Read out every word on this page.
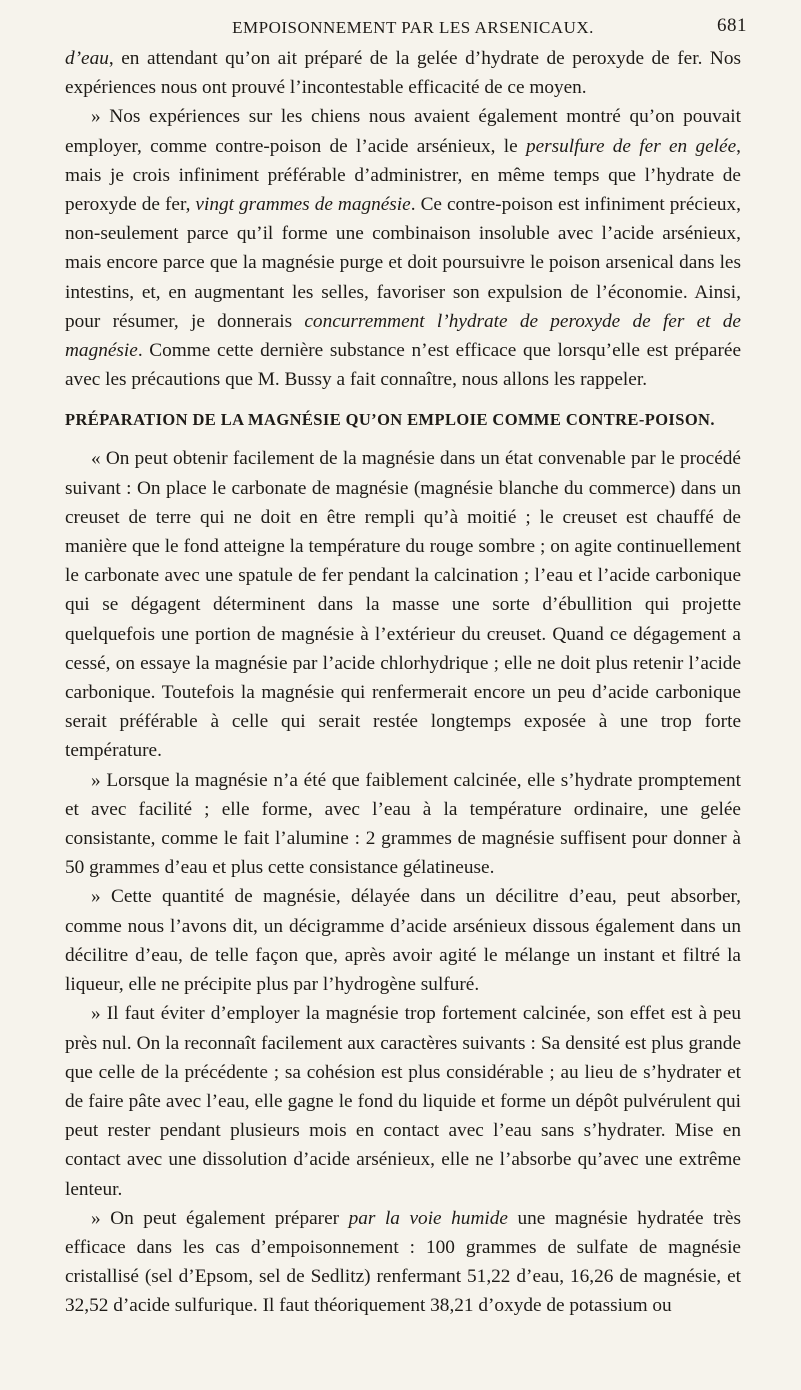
EMPOISONNEMENT PAR LES ARSENICAUX.	681

d’eau, en attendant qu’on ait préparé de la gelée d’hydrate de peroxyde de fer. Nos expériences nous ont prouvé l’incontestable efficacité de ce moyen.

» Nos expériences sur les chiens nous avaient également montré qu’on pouvait employer, comme contre-poison de l’acide arsénieux, le persulfure de fer en gelée, mais je crois infiniment préférable d’administrer, en même temps que l’hydrate de peroxyde de fer, vingt grammes de magnésie. Ce contre-poison est infiniment précieux, non-seulement parce qu’il forme une combinaison insoluble avec l’acide arsénieux, mais encore parce que la magnésie purge et doit poursuivre le poison arsenical dans les intestins, et, en augmentant les selles, favoriser son expulsion de l’économie. Ainsi, pour résumer, je donnerais concurremment l’hydrate de peroxyde de fer et de magnésie. Comme cette dernière substance n’est efficace que lorsqu’elle est préparée avec les précautions que M. Bussy a fait connaître, nous allons les rappeler.

PRÉPARATION DE LA MAGNÉSIE QU’ON EMPLOIE COMME CONTRE-POISON.

« On peut obtenir facilement de la magnésie dans un état convenable par le procédé suivant : On place le carbonate de magnésie (magnésie blanche du commerce) dans un creuset de terre qui ne doit en être rempli qu’à moitié ; le creuset est chauffé de manière que le fond atteigne la température du rouge sombre ; on agite continuellement le carbonate avec une spatule de fer pendant la calcination ; l’eau et l’acide carbonique qui se dégagent déterminent dans la masse une sorte d’ébullition qui projette quelquefois une portion de magnésie à l’extérieur du creuset. Quand ce dégagement a cessé, on essaye la magnésie par l’acide chlorhydrique ; elle ne doit plus retenir l’acide carbonique. Toutefois la magnésie qui renfermerait encore un peu d’acide carbonique serait préférable à celle qui serait restée longtemps exposée à une trop forte température.

» Lorsque la magnésie n’a été que faiblement calcinée, elle s’hydrate promptement et avec facilité ; elle forme, avec l’eau à la température ordinaire, une gelée consistante, comme le fait l’alumine : 2 grammes de magnésie suffisent pour donner à 50 grammes d’eau et plus cette consistance gélatineuse.

» Cette quantité de magnésie, délayée dans un décilitre d’eau, peut absorber, comme nous l’avons dit, un décigramme d’acide arsénieux dissous également dans un décilitre d’eau, de telle façon que, après avoir agité le mélange un instant et filtré la liqueur, elle ne précipite plus par l’hydrogène sulfuré.

» Il faut éviter d’employer la magnésie trop fortement calcinée, son effet est à peu près nul. On la reconnaît facilement aux caractères suivants : Sa densité est plus grande que celle de la précédente ; sa cohésion est plus considérable ; au lieu de s’hydrater et de faire pâte avec l’eau, elle gagne le fond du liquide et forme un dépôt pulvérulent qui peut rester pendant plusieurs mois en contact avec l’eau sans s’hydrater. Mise en contact avec une dissolution d’acide arsénieux, elle ne l’absorbe qu’avec une extrême lenteur.

» On peut également préparer par la voie humide une magnésie hydratée très efficace dans les cas d’empoisonnement : 100 grammes de sulfate de magnésie cristallisé (sel d’Epsom, sel de Sedlitz) renfermant 51,22 d’eau, 16,26 de magnésie, et 32,52 d’acide sulfurique. Il faut théoriquement 38,21 d’oxyde de potassium ou
